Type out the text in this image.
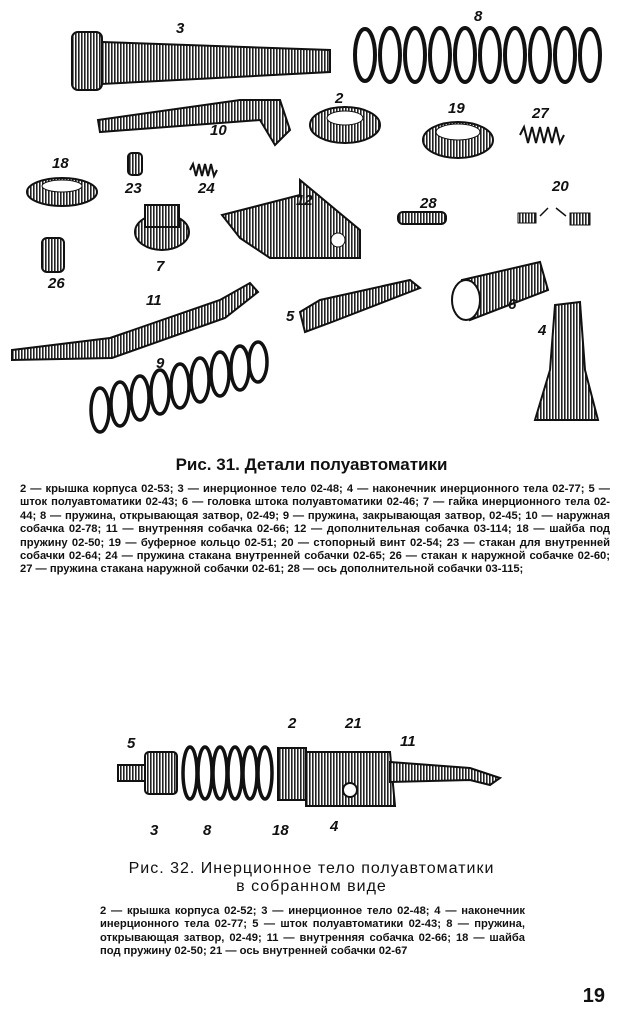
3
8
10
2
19	27
18
23	24
12	28
20
7
26
11
5
6
4
9
Рис. 31. Детали полуавтоматики
2 — крышка корпуса 02-53; 3 — инерционное тело 02-48; 4 — наконечник инерционного тела 02-77; 5 — шток полуавтоматики 02-43; 6 — головка штока полуавтоматики 02-46; 7 — гайка инерционного тела 02-44; 8 — пружина, открывающая затвор, 02-49; 9 — пружина, закрывающая затвор, 02-45; 10 — наружная собачка 02-78; 11 — внутренняя собачка 02-66; 12 — дополнительная собачка 03-114; 18 — шайба под пружину 02-50; 19 — буферное кольцо 02-51; 20 — стопорный винт 02-54; 23 — стакан для внутренней собачки 02-64; 24 — пружина стакана внутренней собачки 02-65; 26 — стакан к наружной собачке 02-60; 27 — пружина стакана наружной собачки 02-61; 28 — ось дополнительной собачки 03-115;
5
3	8
2	21
18	4
11
Рис. 32. Инерционное тело полуавтоматики
в собранном виде
2 — крышка корпуса 02-52; 3 — инерционное тело 02-48; 4 — наконечник инерционного тела 02-77; 5 — шток полуавтоматики 02-43; 8 — пружина, открывающая затвор, 02-49; 11 — внутренняя собачка 02-66; 18 — шайба под пружину 02-50; 21 — ось внутренней собачки 02-67
19
